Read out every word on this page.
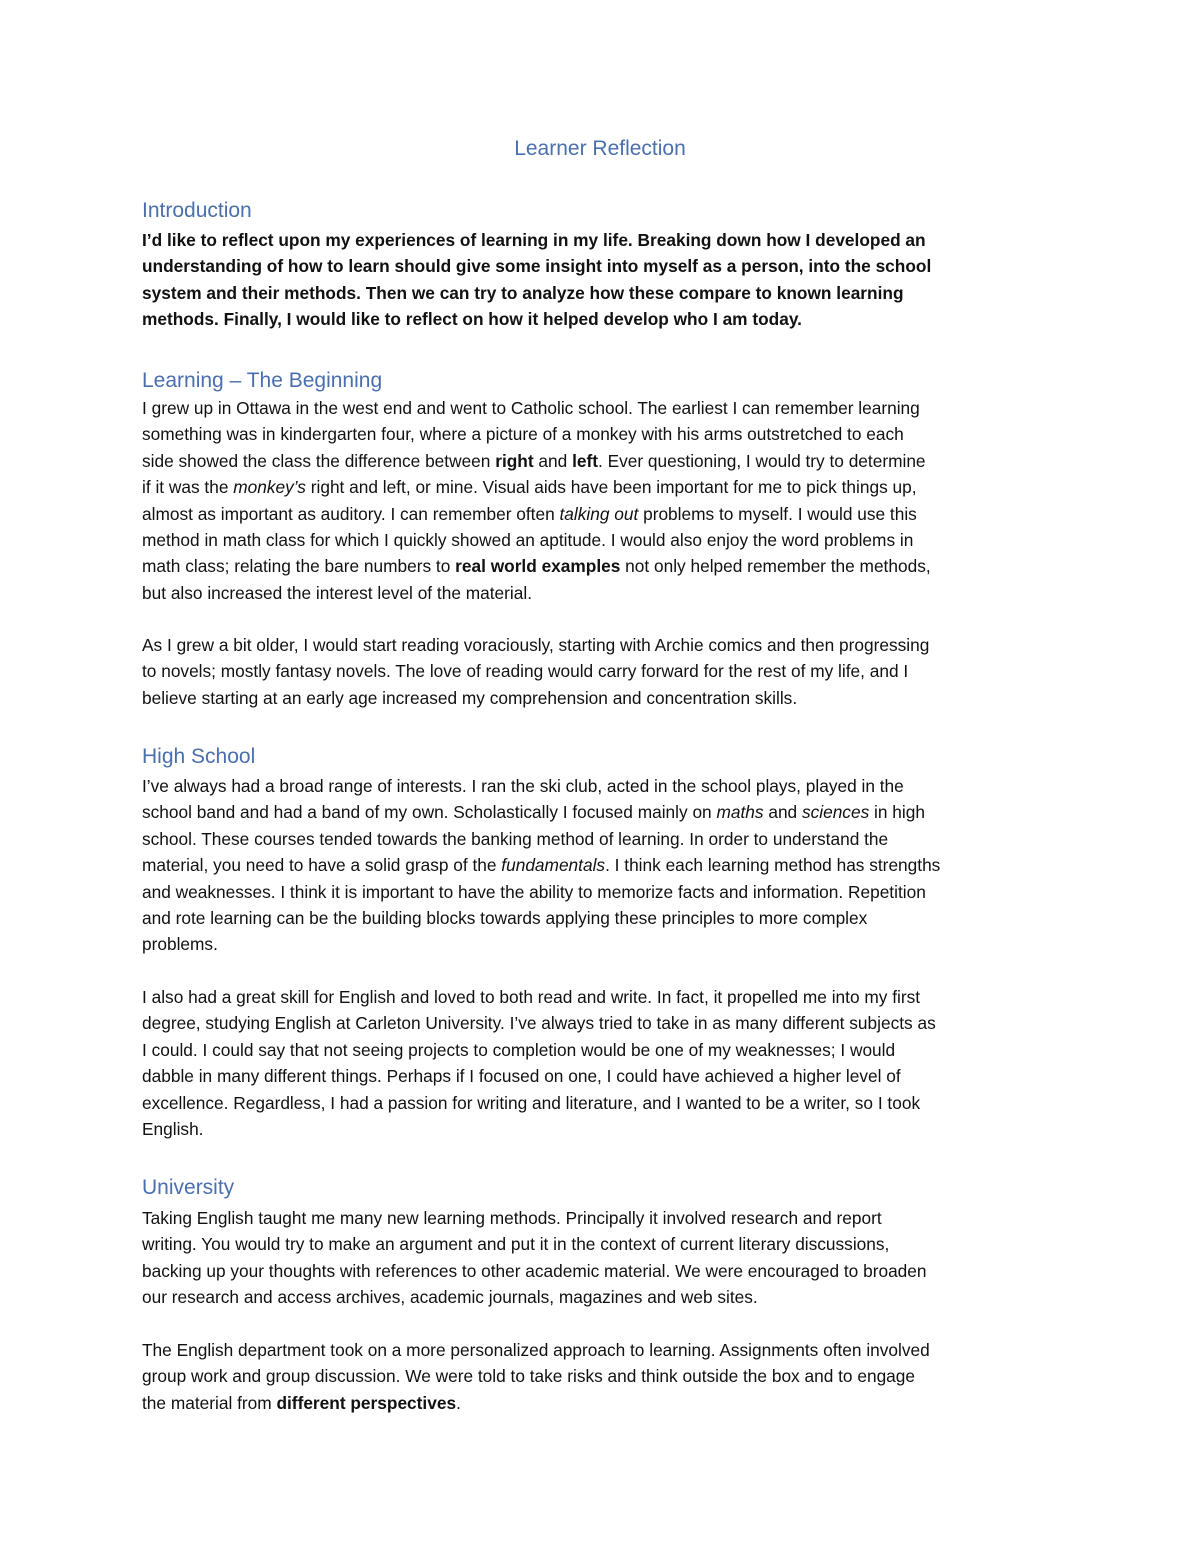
Learner Reflection
Introduction
I’d like to reflect upon my experiences of learning in my life. Breaking down how I developed an
understanding of how to learn should give some insight into myself as a person, into the school
system and their methods. Then we can try to analyze how these compare to known learning
methods. Finally, I would like to reflect on how it helped develop who I am today.
Learning – The Beginning
I grew up in Ottawa in the west end and went to Catholic school. The earliest I can remember learning
something was in kindergarten four, where a picture of a monkey with his arms outstretched to each
side showed the class the difference between right and left. Ever questioning, I would try to determine
if it was the monkey’s right and left, or mine. Visual aids have been important for me to pick things up,
almost as important as auditory. I can remember often talking out problems to myself. I would use this
method in math class for which I quickly showed an aptitude. I would also enjoy the word problems in
math class; relating the bare numbers to real world examples not only helped remember the methods,
but also increased the interest level of the material.
As I grew a bit older, I would start reading voraciously, starting with Archie comics and then progressing
to novels; mostly fantasy novels. The love of reading would carry forward for the rest of my life, and I
believe starting at an early age increased my comprehension and concentration skills.
High School
I’ve always had a broad range of interests. I ran the ski club, acted in the school plays, played in the
school band and had a band of my own. Scholastically I focused mainly on maths and sciences in high
school. These courses tended towards the banking method of learning. In order to understand the
material, you need to have a solid grasp of the fundamentals. I think each learning method has strengths
and weaknesses. I think it is important to have the ability to memorize facts and information. Repetition
and rote learning can be the building blocks towards applying these principles to more complex
problems.
I also had a great skill for English and loved to both read and write. In fact, it propelled me into my first
degree, studying English at Carleton University. I’ve always tried to take in as many different subjects as
I could. I could say that not seeing projects to completion would be one of my weaknesses; I would
dabble in many different things. Perhaps if I focused on one, I could have achieved a higher level of
excellence. Regardless, I had a passion for writing and literature, and I wanted to be a writer, so I took
English.
University
Taking English taught me many new learning methods. Principally it involved research and report
writing. You would try to make an argument and put it in the context of current literary discussions,
backing up your thoughts with references to other academic material. We were encouraged to broaden
our research and access archives, academic journals, magazines and web sites.
The English department took on a more personalized approach to learning. Assignments often involved
group work and group discussion. We were told to take risks and think outside the box and to engage
the material from different perspectives.
